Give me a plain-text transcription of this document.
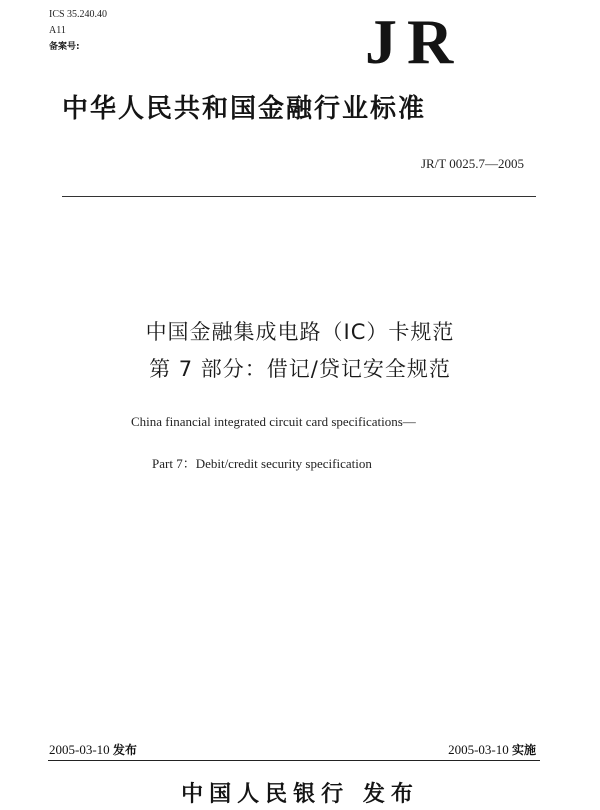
ICS 35.240.40
A11
备案号:	JR
中华人民共和国金融行业标准
JR/T 0025.7—2005
中国金融集成电路（IC）卡规范
第 7 部分：借记/贷记安全规范
China financial integrated circuit card specifications—
Part 7：Debit/credit security specification
2005-03-10 发布	2005-03-10 实施
中国人民银行 发布
